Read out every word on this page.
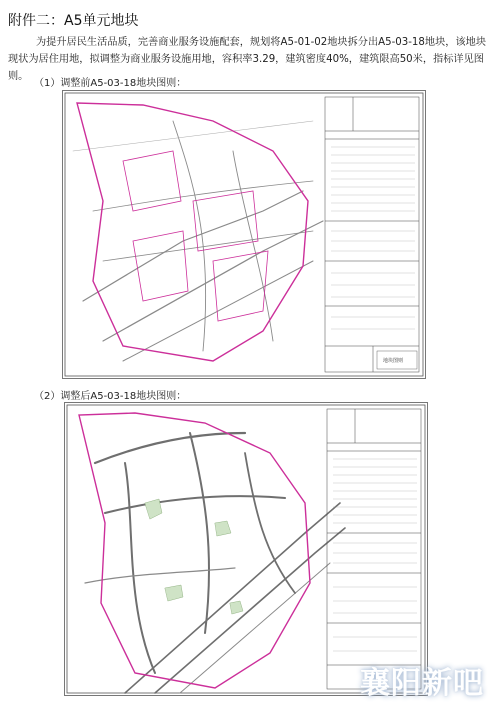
附件二：A5单元地块
为提升居民生活品质，完善商业服务设施配套，规划将A5-01-02地块拆分出A5-03-18地块，该地块现状为居住用地，拟调整为商业服务设施用地，容积率3.29，建筑密度40%，建筑限高50米，指标详见图则。
（1）调整前A5-03-18地块图则：
地块图则
（2）调整后A5-03-18地块图则：
襄阳新吧
